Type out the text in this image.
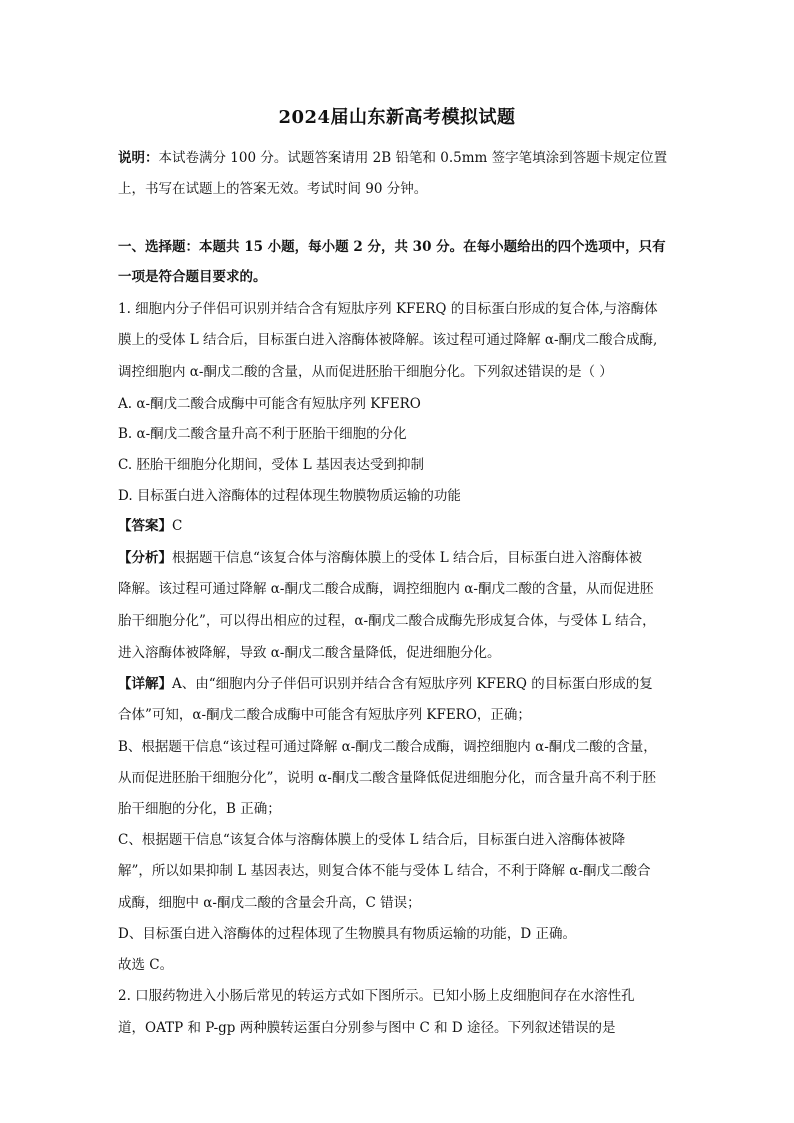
2024届山东新高考模拟试题
说明：本试卷满分 100 分。试题答案请用 2B 铅笔和 0.5mm 签字笔填涂到答题卡规定位置
上，书写在试题上的答案无效。考试时间 90 分钟。
一、选择题：本题共 15 小题，每小题 2 分，共 30 分。在每小题给出的四个选项中，只有
一项是符合题目要求的。
1. 细胞内分子伴侣可识别并结合含有短肽序列 KFERQ 的目标蛋白形成的复合体,与溶酶体
膜上的受体 L 结合后，目标蛋白进入溶酶体被降解。该过程可通过降解 α-酮戊二酸合成酶,
调控细胞内 α-酮戊二酸的含量，从而促进胚胎干细胞分化。下列叙述错误的是（ ）
A. α-酮戊二酸合成酶中可能含有短肽序列 KFERO
B. α-酮戊二酸含量升高不利于胚胎干细胞的分化
C. 胚胎干细胞分化期间，受体 L 基因表达受到抑制
D. 目标蛋白进入溶酶体的过程体现生物膜物质运输的功能
【答案】C
【分析】根据题干信息“该复合体与溶酶体膜上的受体 L 结合后，目标蛋白进入溶酶体被
降解。该过程可通过降解 α-酮戊二酸合成酶，调控细胞内 α-酮戊二酸的含量，从而促进胚
胎干细胞分化”，可以得出相应的过程，α-酮戊二酸合成酶先形成复合体，与受体 L 结合，
进入溶酶体被降解，导致 α-酮戊二酸含量降低，促进细胞分化。
【详解】A、由“细胞内分子伴侣可识别并结合含有短肽序列 KFERQ 的目标蛋白形成的复
合体”可知，α-酮戊二酸合成酶中可能含有短肽序列 KFERO，正确；
B、根据题干信息“该过程可通过降解 α-酮戊二酸合成酶，调控细胞内 α-酮戊二酸的含量，
从而促进胚胎干细胞分化”，说明 α-酮戊二酸含量降低促进细胞分化，而含量升高不利于胚
胎干细胞的分化，B 正确；
C、根据题干信息“该复合体与溶酶体膜上的受体 L 结合后，目标蛋白进入溶酶体被降
解”，所以如果抑制 L 基因表达，则复合体不能与受体 L 结合，不利于降解 α-酮戊二酸合
成酶，细胞中 α-酮戊二酸的含量会升高，C 错误；
D、目标蛋白进入溶酶体的过程体现了生物膜具有物质运输的功能，D 正确。
故选 C。
2. 口服药物进入小肠后常见的转运方式如下图所示。已知小肠上皮细胞间存在水溶性孔
道，OATP 和 P-gp 两种膜转运蛋白分别参与图中 C 和 D 途径。下列叙述错误的是
